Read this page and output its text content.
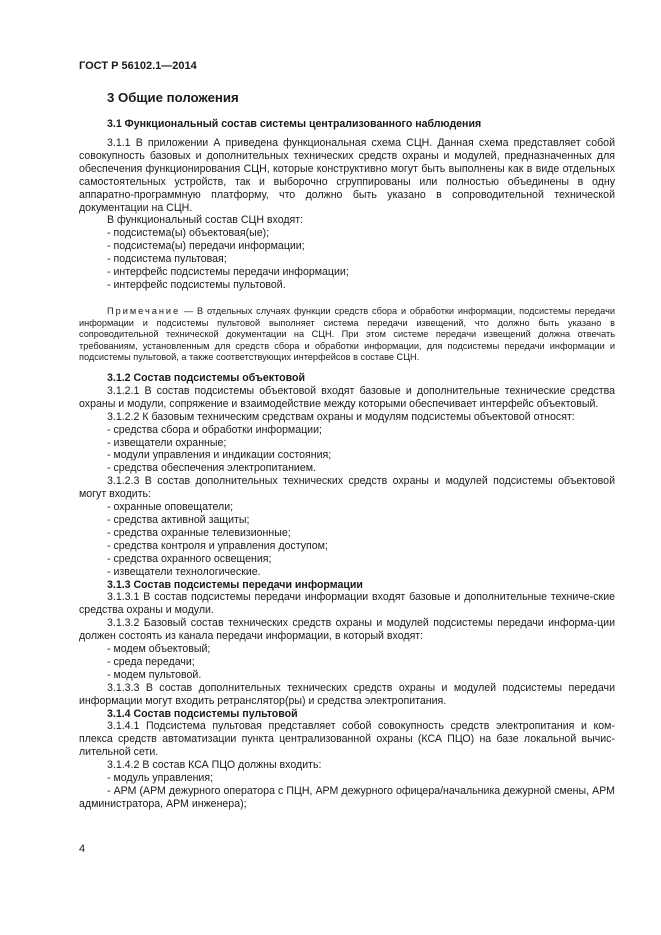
ГОСТ Р 56102.1—2014
3 Общие положения
3.1 Функциональный состав системы централизованного наблюдения

3.1.1 В приложении А приведена функциональная схема СЦН. Данная схема представляет собой совокупность базовых и дополнительных технических средств охраны и модулей, предназначенных для обеспечения функционирования СЦН, которые конструктивно могут быть выполнены как в виде отдельных самостоятельных устройств, так и выборочно сгруппированы или полностью объединены в одну аппаратно-программную платформу, что должно быть указано в сопроводительной технической документации на СЦН.

В функциональный состав СЦН входят:

- подсистема(ы) объектовая(ые);

- подсистема(ы) передачи информации;

- подсистема пультовая;

- интерфейс подсистемы передачи информации;

- интерфейс подсистемы пультовой.

Примечание — В отдельных случаях функции средств сбора и обработки информации, подсистемы передачи информации и подсистемы пультовой выполняет система передачи извещений, что должно быть указано в сопроводительной технической документации на СЦН. При этом системе передачи извещений должна отвечать требованиям, установленным для средств сбора и обработки информации, для подсистемы передачи информации и подсистемы пультовой, а также соответствующих интерфейсов в составе СЦН.

3.1.2 Состав подсистемы объектовой

3.1.2.1 В состав подсистемы объектовой входят базовые и дополнительные технические средства охраны и модули, сопряжение и взаимодействие между которыми обеспечивает интерфейс объектовый.

3.1.2.2 К базовым техническим средствам охраны и модулям подсистемы объектовой относят:

- средства сбора и обработки информации;

- извещатели охранные;

- модули управления и индикации состояния;

- средства обеспечения электропитанием.

3.1.2.3 В состав дополнительных технических средств охраны и модулей подсистемы объектовой могут входить:

- охранные оповещатели;

- средства активной защиты;

- средства охранные телевизионные;

- средства контроля и управления доступом;

- средства охранного освещения;

- извещатели технологические.

3.1.3 Состав подсистемы передачи информации

3.1.3.1 В состав подсистемы передачи информации входят базовые и дополнительные техниче-ские средства охраны и модули.

3.1.3.2 Базовый состав технических средств охраны и модулей подсистемы передачи информа-ции должен состоять из канала передачи информации, в который входят:

- модем объектовый;

- среда передачи;

- модем пультовой.

3.1.3.3 В состав дополнительных технических средств охраны и модулей подсистемы передачи информации могут входить ретранслятор(ры) и средства электропитания.

3.1.4 Состав подсистемы пультовой

3.1.4.1 Подсистема пультовая представляет собой совокупность средств электропитания и ком-плекса средств автоматизации пункта централизованной охраны (КСА ПЦО) на базе локальной вычис-лительной сети.

3.1.4.2 В состав КСА ПЦО должны входить:

- модуль управления;

- АРМ (АРМ дежурного оператора с ПЦН, АРМ дежурного офицера/начальника дежурной смены, АРМ администратора, АРМ инженера);

4
